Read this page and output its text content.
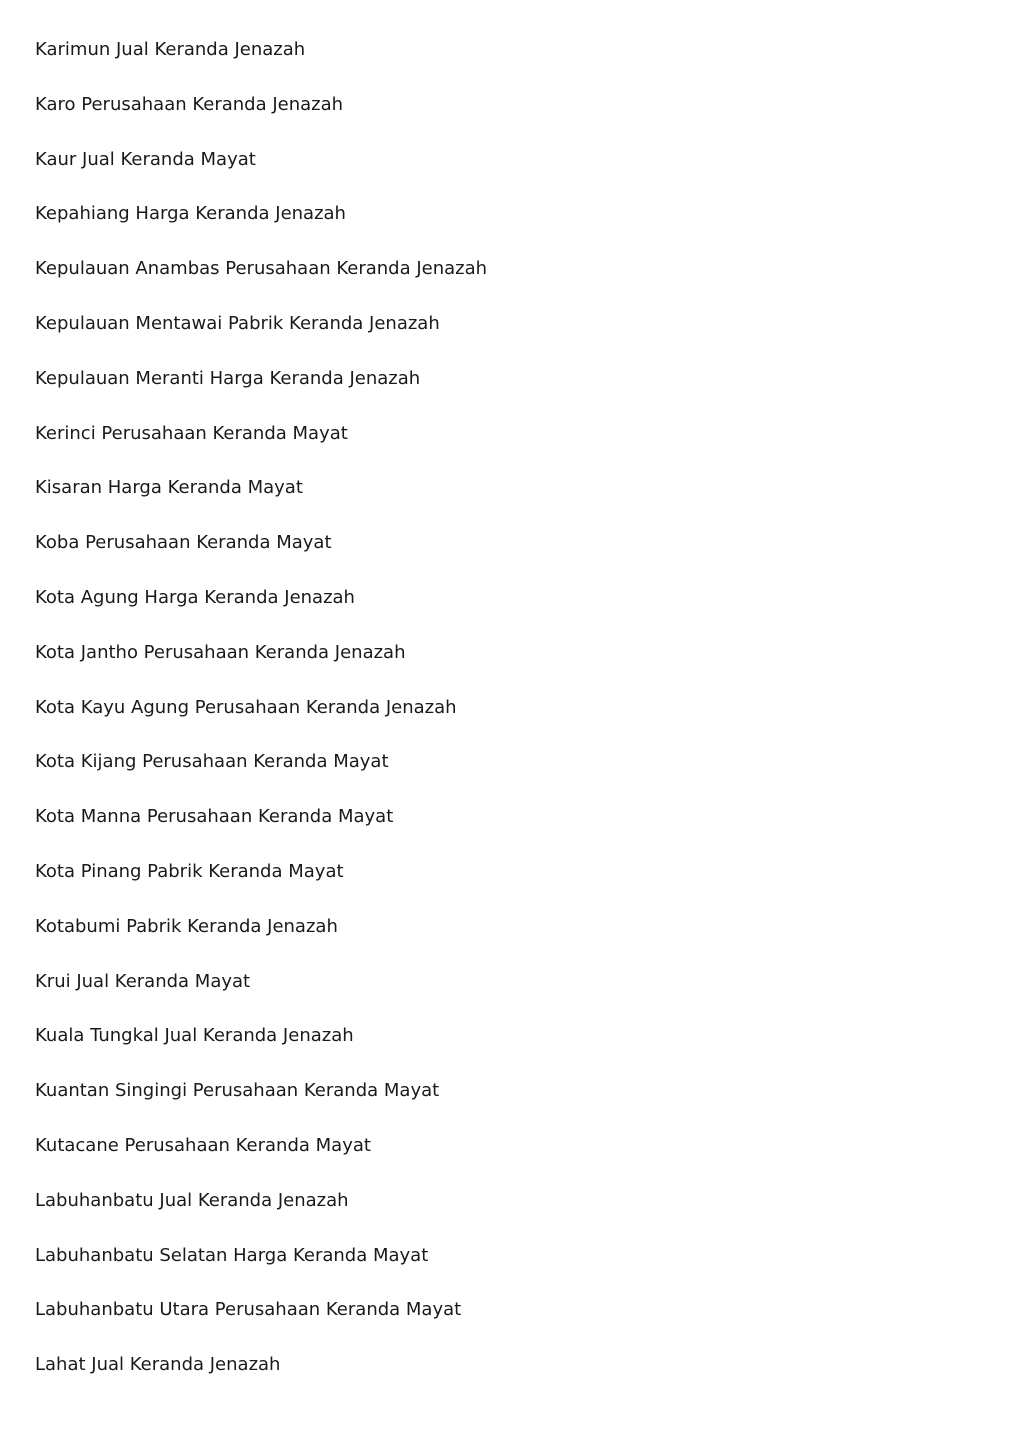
Karimun Jual Keranda Jenazah
Karo Perusahaan Keranda Jenazah
Kaur Jual Keranda Mayat
Kepahiang Harga Keranda Jenazah
Kepulauan Anambas Perusahaan Keranda Jenazah
Kepulauan Mentawai Pabrik Keranda Jenazah
Kepulauan Meranti Harga Keranda Jenazah
Kerinci Perusahaan Keranda Mayat
Kisaran Harga Keranda Mayat
Koba Perusahaan Keranda Mayat
Kota Agung Harga Keranda Jenazah
Kota Jantho Perusahaan Keranda Jenazah
Kota Kayu Agung Perusahaan Keranda Jenazah
Kota Kijang Perusahaan Keranda Mayat
Kota Manna Perusahaan Keranda Mayat
Kota Pinang Pabrik Keranda Mayat
Kotabumi Pabrik Keranda Jenazah
Krui Jual Keranda Mayat
Kuala Tungkal Jual Keranda Jenazah
Kuantan Singingi Perusahaan Keranda Mayat
Kutacane Perusahaan Keranda Mayat
Labuhanbatu Jual Keranda Jenazah
Labuhanbatu Selatan Harga Keranda Mayat
Labuhanbatu Utara Perusahaan Keranda Mayat
Lahat Jual Keranda Jenazah
